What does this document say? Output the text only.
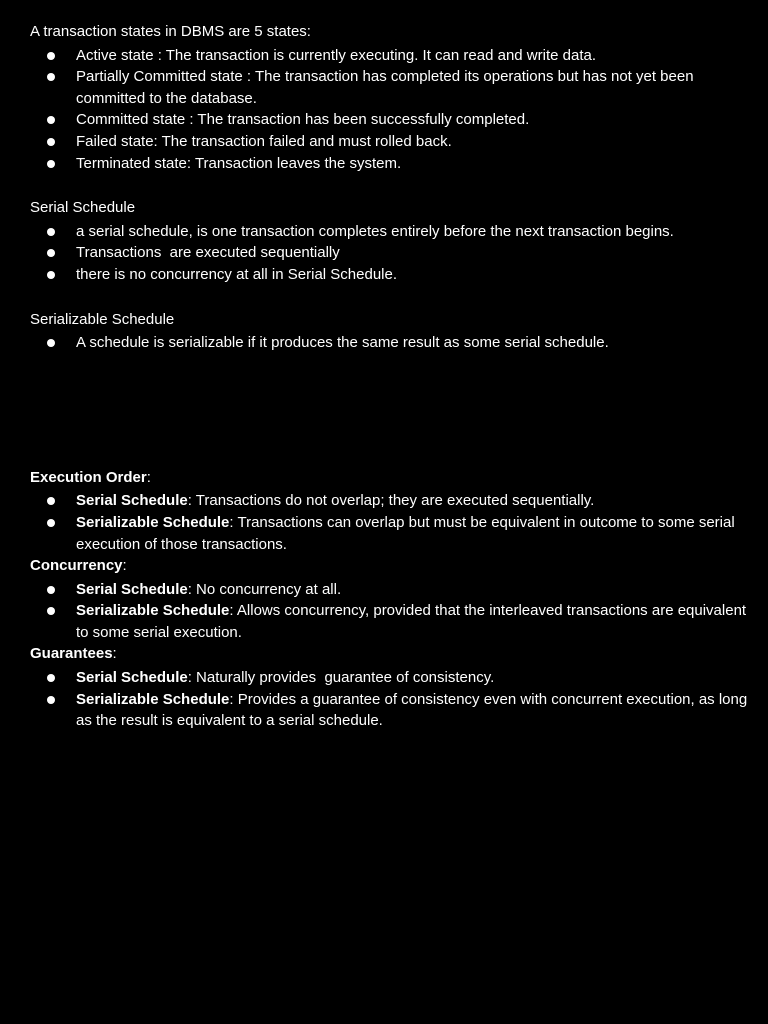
A transaction states in DBMS are 5 states:

Active state : The transaction is currently executing. It can read and write data.
Partially Committed state : The transaction has completed its operations but has not yet been committed to the database.
Committed state : The transaction has been successfully completed.
Failed state: The transaction failed and must rolled back.
Terminated state: Transaction leaves the system.

Serial Schedule

a serial schedule, is one transaction completes entirely before the next transaction begins.
Transactions  are executed sequentially
there is no concurrency at all in Serial Schedule.

Serializable Schedule

A schedule is serializable if it produces the same result as some serial schedule.

Execution Order:

Serial Schedule: Transactions do not overlap; they are executed sequentially.
Serializable Schedule: Transactions can overlap but must be equivalent in outcome to some serial execution of those transactions.

Concurrency:

Serial Schedule: No concurrency at all.
Serializable Schedule: Allows concurrency, provided that the interleaved transactions are equivalent to some serial execution.

Guarantees:

Serial Schedule: Naturally provides  guarantee of consistency.
Serializable Schedule: Provides a guarantee of consistency even with concurrent execution, as long as the result is equivalent to a serial schedule.
